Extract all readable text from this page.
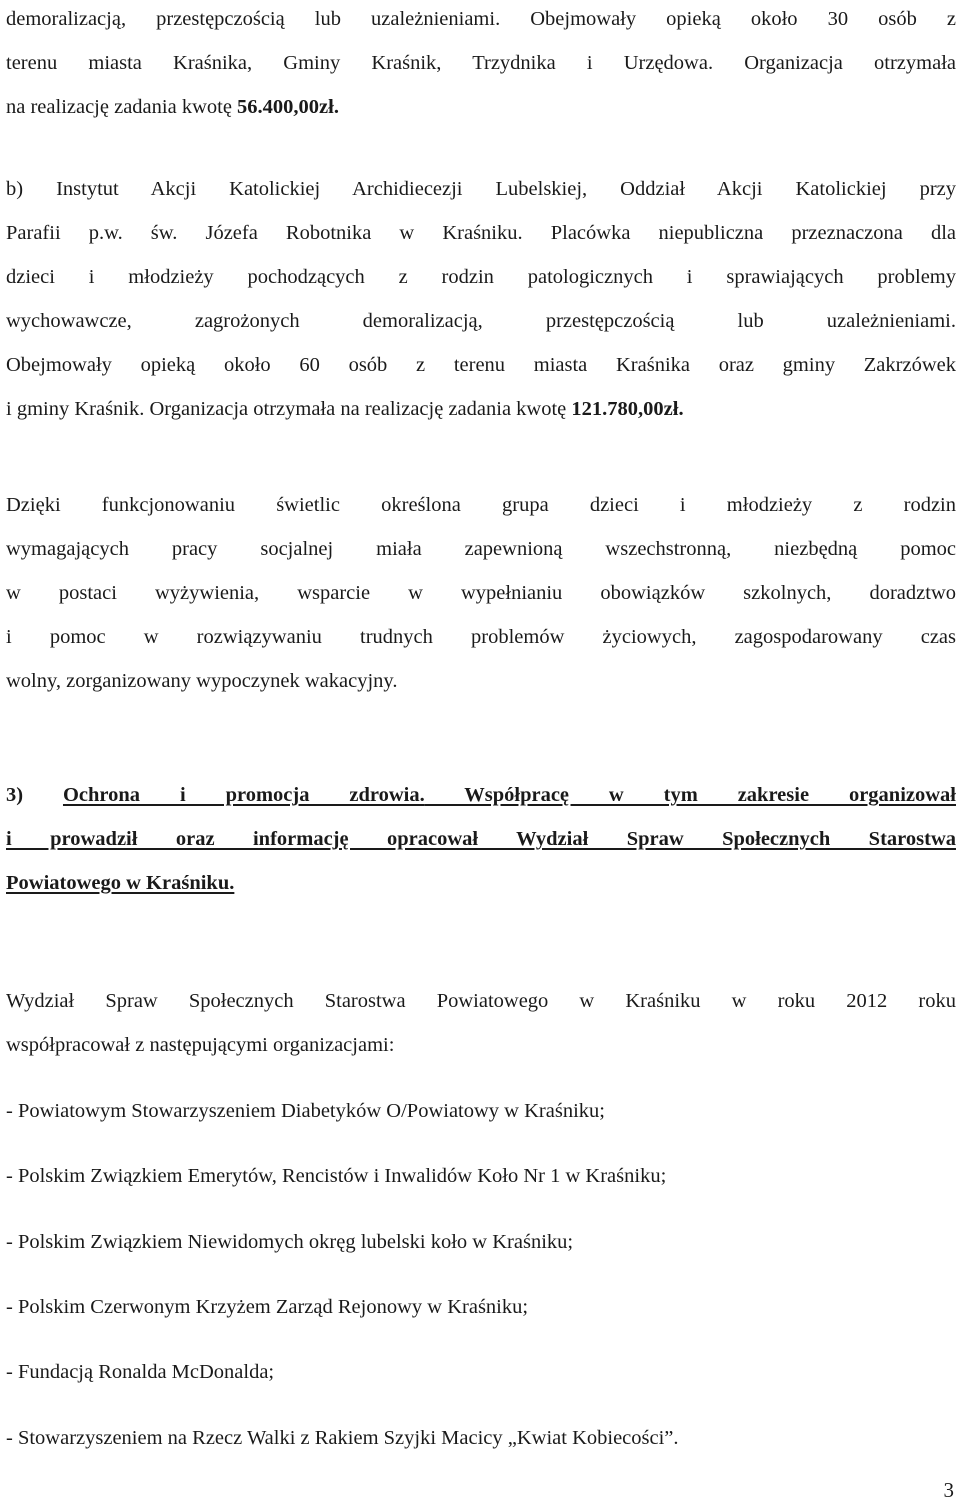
demoralizacją, przestępczością lub uzależnieniami. Obejmowały opieką około 30 osób z
terenu miasta Kraśnika, Gminy Kraśnik, Trzydnika i Urzędowa. Organizacja otrzymała
na realizację zadania kwotę 56.400,00zł.
b) Instytut Akcji Katolickiej Archidiecezji Lubelskiej, Oddział Akcji Katolickiej przy
Parafii p.w. św. Józefa Robotnika w Kraśniku. Placówka niepubliczna przeznaczona dla
dzieci i młodzieży pochodzących z rodzin patologicznych i sprawiających problemy
wychowawcze, zagrożonych demoralizacją, przestępczością lub uzależnieniami.
Obejmowały opieką około 60 osób z terenu miasta Kraśnika oraz gminy Zakrzówek
i gminy Kraśnik. Organizacja otrzymała na realizację zadania kwotę 121.780,00zł.
Dzięki funkcjonowaniu świetlic określona grupa dzieci i młodzieży z rodzin
wymagających pracy socjalnej miała zapewnioną wszechstronną, niezbędną pomoc
w postaci wyżywienia, wsparcie w wypełnianiu obowiązków szkolnych, doradztwo
i pomoc w rozwiązywaniu trudnych problemów życiowych, zagospodarowany czas
wolny, zorganizowany wypoczynek wakacyjny.
3) Ochrona i promocja zdrowia. Współpracę w tym zakresie organizował
i prowadził oraz informację opracował Wydział Spraw Społecznych Starostwa
Powiatowego w Kraśniku.
Wydział Spraw Społecznych Starostwa Powiatowego w Kraśniku w roku 2012 roku
współpracował z następującymi organizacjami:
- Powiatowym Stowarzyszeniem Diabetyków O/Powiatowy w Kraśniku;
- Polskim Związkiem Emerytów, Rencistów i Inwalidów Koło Nr 1 w Kraśniku;
- Polskim Związkiem Niewidomych okręg lubelski koło w Kraśniku;
- Polskim Czerwonym Krzyżem Zarząd Rejonowy w Kraśniku;
- Fundacją Ronalda McDonalda;
- Stowarzyszeniem na Rzecz Walki z Rakiem Szyjki Macicy „Kwiat Kobiecości”.
3
